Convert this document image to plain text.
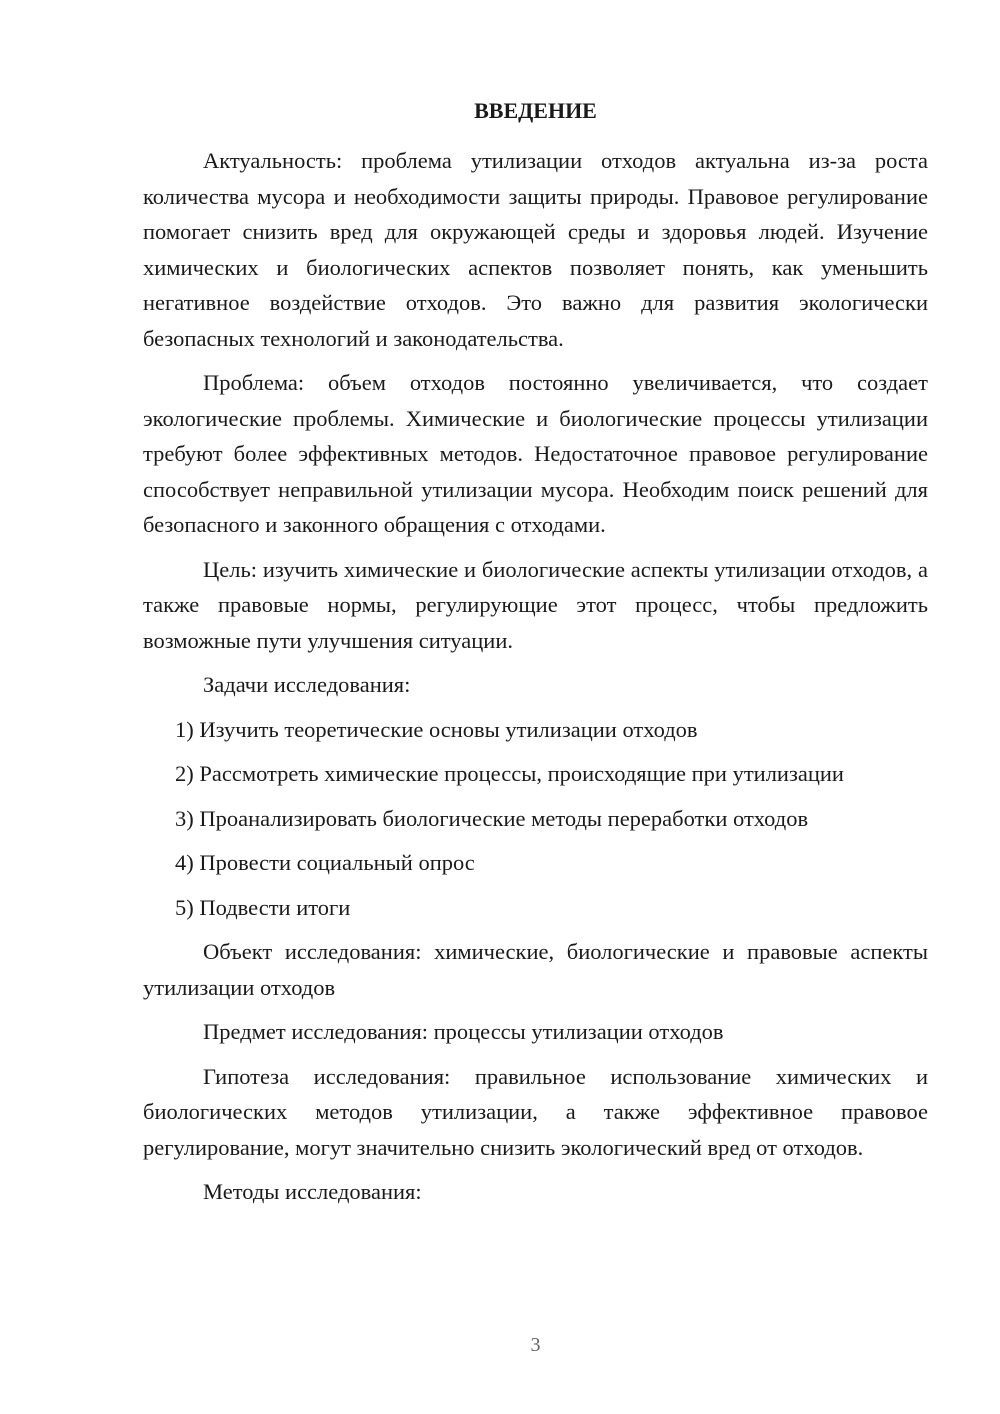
ВВЕДЕНИЕ

Актуальность: проблема утилизации отходов актуальна из-за роста количества мусора и необходимости защиты природы. Правовое регулирование помогает снизить вред для окружающей среды и здоровья людей. Изучение химических и биологических аспектов позволяет понять, как уменьшить негативное воздействие отходов. Это важно для развития экологически безопасных технологий и законодательства.

Проблема: объем отходов постоянно увеличивается, что создает экологические проблемы. Химические и биологические процессы утилизации требуют более эффективных методов. Недостаточное правовое регулирование способствует неправильной утилизации мусора. Необходим поиск решений для безопасного и законного обращения с отходами.

Цель: изучить химические и биологические аспекты утилизации отходов, а также правовые нормы, регулирующие этот процесс, чтобы предложить возможные пути улучшения ситуации.

Задачи исследования:

1) Изучить теоретические основы утилизации отходов
2) Рассмотреть химические процессы, происходящие при утилизации
3) Проанализировать биологические методы переработки отходов
4) Провести социальный опрос
5) Подвести итоги

Объект исследования: химические, биологические и правовые аспекты утилизации отходов

Предмет исследования: процессы утилизации отходов

Гипотеза исследования: правильное использование химических и биологических методов утилизации, а также эффективное правовое регулирование, могут значительно снизить экологический вред от отходов.

Методы исследования:

3
